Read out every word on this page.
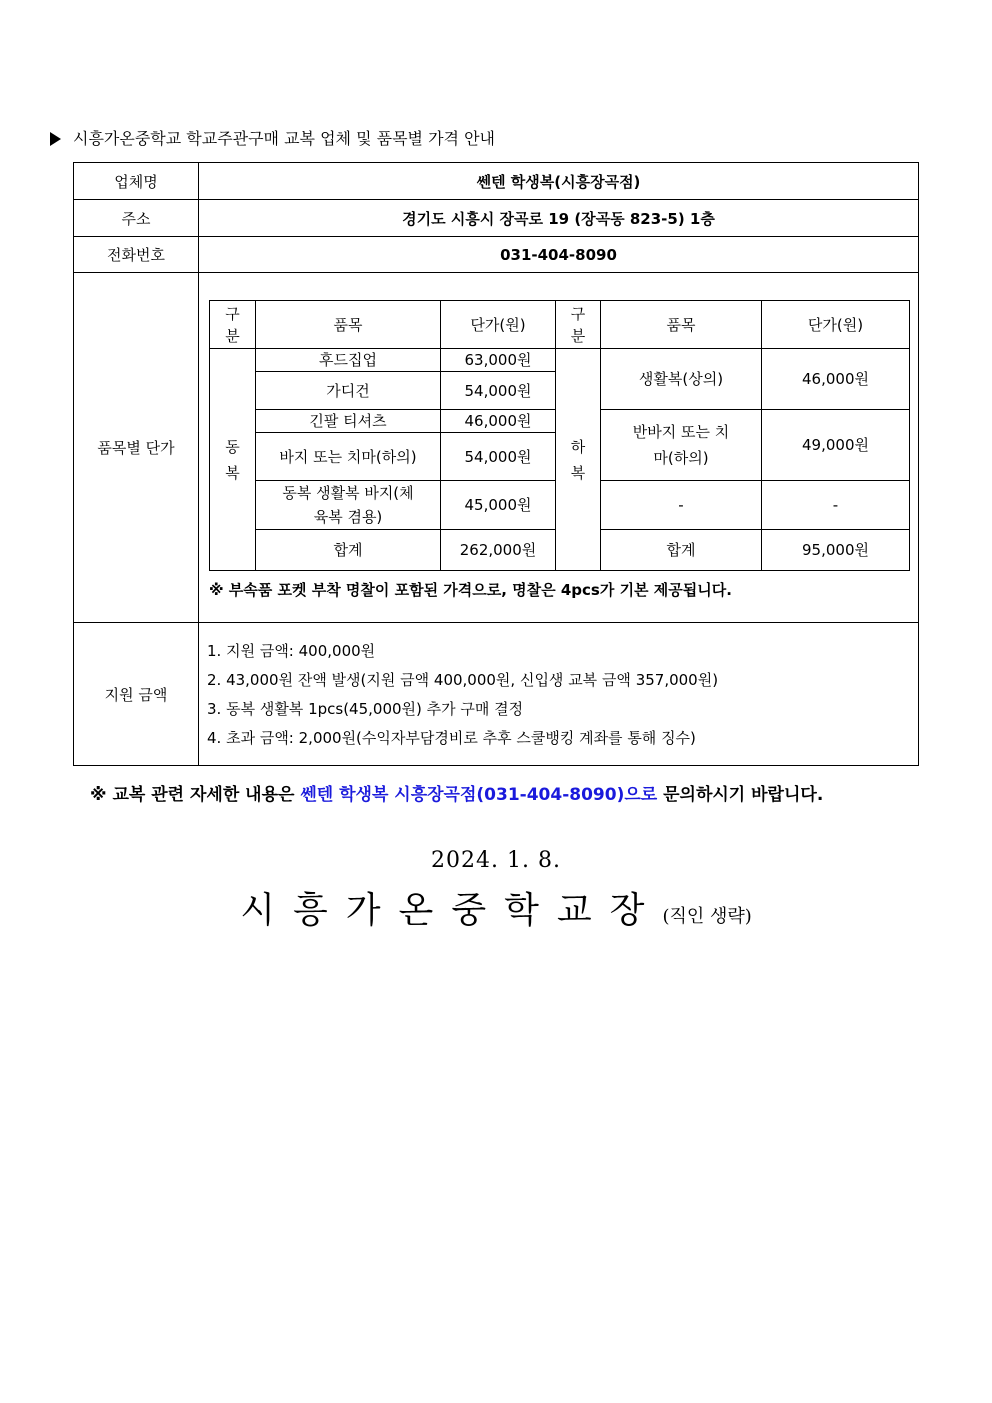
시흥가온중학교 학교주관구매 교복 업체 및 품목별 가격 안내
업체명	쎈텐 학생복(시흥장곡점)
주소	경기도 시흥시 장곡로 19 (장곡동 823-5) 1층
전화번호	031-404-8090
품목별 단가	
구분	품목	단가(원)	구분	품목	단가(원)
동복	후드집업	63,000원	하복	생활복(상의)	46,000원
가디건	54,000원
긴팔 티셔츠	46,000원	반바지 또는 치마(하의)	49,000원
바지 또는 치마(하의)	54,000원
동복 생활복 바지(체육복 겸용)	45,000원	-	-
합계	262,000원	합계	95,000원
※ 부속품 포켓 부착 명찰이 포함된 가격으로, 명찰은 4pcs가 기본 제공됩니다.

지원 금액	
1. 지원 금액: 400,000원
2. 43,000원 잔액 발생(지원 금액 400,000원, 신입생 교복 금액 357,000원)
3. 동복 생활복 1pcs(45,000원) 추가 구매 결정
4. 초과 금액: 2,000원(수익자부담경비로 추후 스쿨뱅킹 계좌를 통해 징수)
※ 교복 관련 자세한 내용은 쎈텐 학생복 시흥장곡점(031-404-8090)으로 문의하시기 바랍니다.
2024. 1. 8.
시흥가온중학교장(직인 생략)
